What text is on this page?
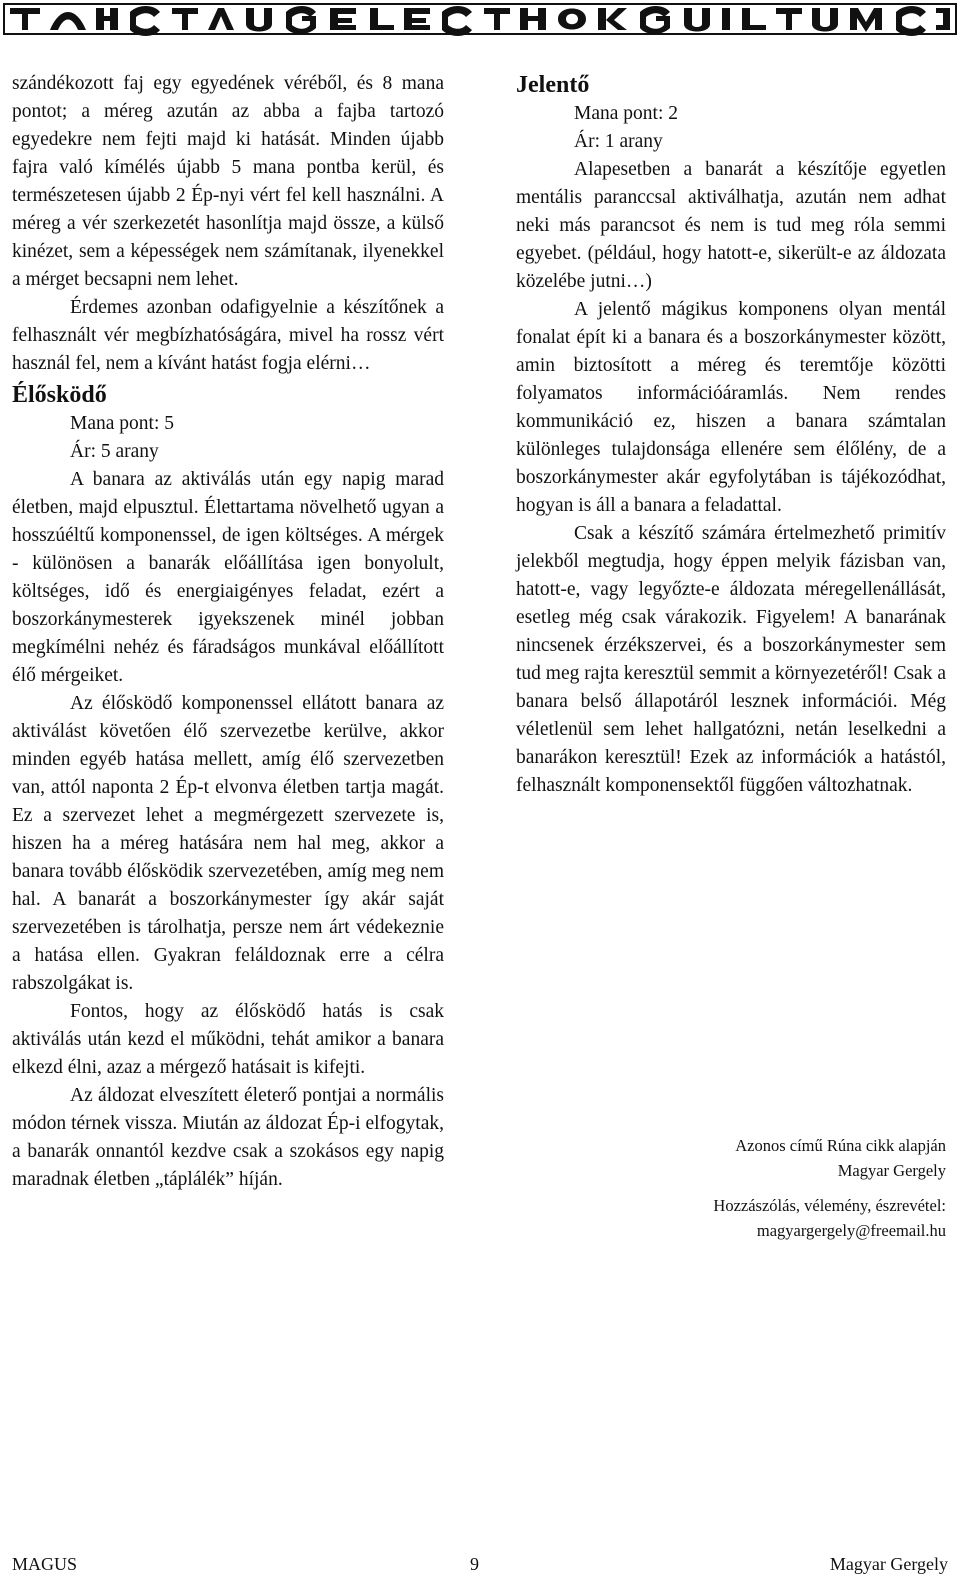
szándékozott faj egy egyedének véréből, és 8 mana pontot; a méreg azután az abba a fajba tartozó egyedekre nem fejti majd ki hatását. Minden újabb fajra való kímélés újabb 5 mana pontba kerül, és természetesen újabb 2 Ép-nyi vért fel kell használni. A méreg a vér szerkezetét hasonlítja majd össze, a külső kinézet, sem a képességek nem számítanak, ilyenekkel a mérget becsapni nem lehet.

Érdemes azonban odafigyelnie a készítőnek a felhasznált vér megbízhatóságára, mivel ha rossz vért használ fel, nem a kívánt hatást fogja elérni…

Élősködő

Mana pont: 5

Ár: 5 arany

A banara az aktiválás után egy napig marad életben, majd elpusztul. Élettartama növelhető ugyan a hosszúéltű komponenssel, de igen költséges. A mérgek - különösen a banarák előállítása igen bonyolult, költséges, idő és energiaigényes feladat, ezért a boszorkánymesterek igyekszenek minél jobban megkímélni nehéz és fáradságos munkával előállított élő mérgeiket.

Az élősködő komponenssel ellátott banara az aktiválást követően élő szervezetbe kerülve, akkor minden egyéb hatása mellett, amíg élő szervezetben van, attól naponta 2 Ép-t elvonva életben tartja magát. Ez a szervezet lehet a megmérgezett szervezete is, hiszen ha a méreg hatására nem hal meg, akkor a banara tovább élősködik szervezetében, amíg meg nem hal. A banarát a boszorkánymester így akár saját szervezetében is tárolhatja, persze nem árt védekeznie a hatása ellen. Gyakran feláldoznak erre a célra rabszolgákat is.

Fontos, hogy az élősködő hatás is csak aktiválás után kezd el működni, tehát amikor a banara elkezd élni, azaz a mérgező hatásait is kifejti.

Az áldozat elveszített életerő pontjai a normális módon térnek vissza. Miután az áldozat Ép-i elfogytak, a banarák onnantól kezdve csak a szokásos egy napig maradnak életben „táplálék” híján.

Jelentő

Mana pont: 2

Ár: 1 arany

Alapesetben a banarát a készítője egyetlen mentális paranccsal aktiválhatja, azután nem adhat neki más parancsot és nem is tud meg róla semmi egyebet. (például, hogy hatott-e, sikerült-e az áldozata közelébe jutni…)

A jelentő mágikus komponens olyan mentál fonalat épít ki a banara és a boszorkánymester között, amin biztosított a méreg és teremtője közötti folyamatos információáramlás. Nem rendes kommunikáció ez, hiszen a banara számtalan különleges tulajdonsága ellenére sem élőlény, de a boszorkánymester akár egyfolytában is tájékozódhat, hogyan is áll a banara a feladattal.

Csak a készítő számára értelmezhető primitív jelekből megtudja, hogy éppen melyik fázisban van, hatott-e, vagy legyőzte-e áldozata méregellenállását, esetleg még csak várakozik. Figyelem! A banarának nincsenek érzékszervei, és a boszorkánymester sem tud meg rajta keresztül semmit a környezetéről! Csak a banara belső állapotáról lesznek információi. Még véletlenül sem lehet hallgatózni, netán leselkedni a banarákon keresztül! Ezek az információk a hatástól, felhasznált komponensektől függően változhatnak.

Azonos című Rúna cikk alapján

Magyar Gergely

Hozzászólás, vélemény, észrevétel:

magyargergely@freemail.hu

MAGUS	9	Magyar Gergely
